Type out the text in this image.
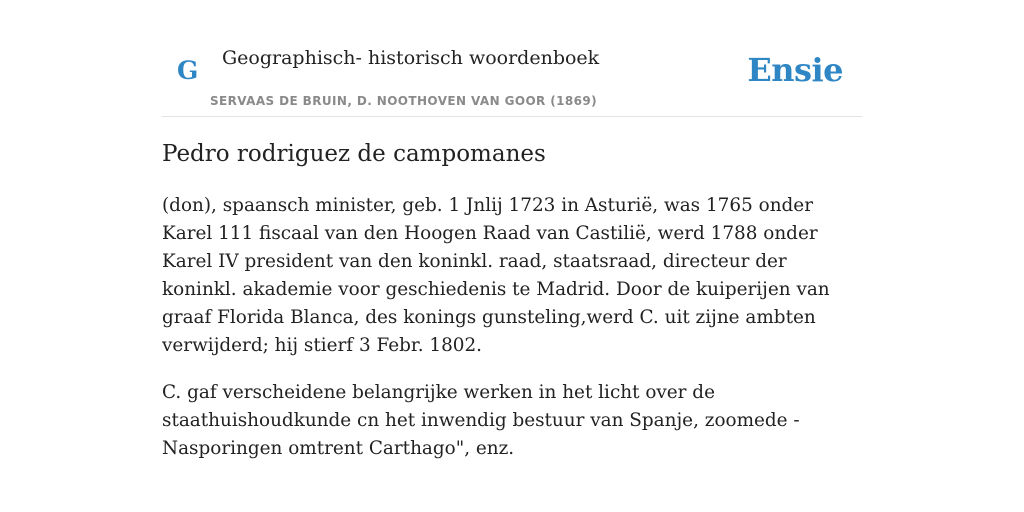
G Geographisch- historisch woordenboek
SERVAAS DE BRUIN, D. NOOTHOVEN VAN GOOR (1869)
Ensie
Pedro rodriguez de campomanes

(don), spaansch minister, geb. 1 Jnlij 1723 in Asturië, was 1765 onder Karel 111 fiscaal van den Hoogen Raad van Castilië, werd 1788 onder Karel IV president van den koninkl. raad, staatsraad, directeur der koninkl. akademie voor geschiedenis te Madrid. Door de kuiperijen van graaf Florida Blanca, des konings gunsteling,werd C. uit zijne ambten verwijderd; hij stierf 3 Febr. 1802.

C. gaf verscheidene belangrijke werken in het licht over de staathuishoudkunde cn het inwendig bestuur van Spanje, zoomede -Nasporingen omtrent Carthago", enz.
